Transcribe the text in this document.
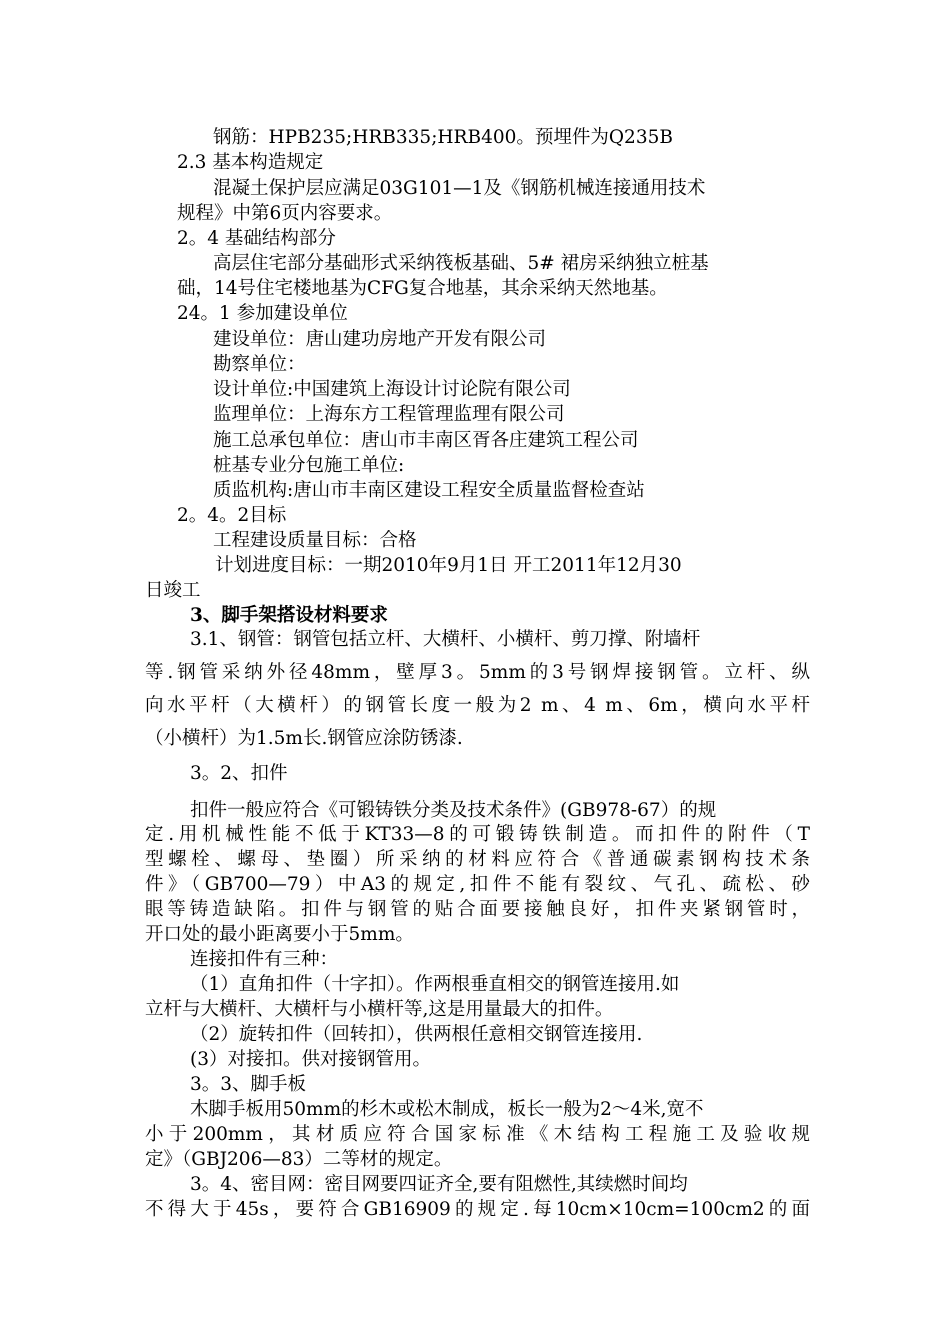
钢筋：HPB235;HRB335;HRB400。预埋件为Q235B
2.3 基本构造规定
混凝土保护层应满足03G101—1及《钢筋机械连接通用技术
规程》中第6页内容要求。
2。4 基础结构部分
高层住宅部分基础形式采纳筏板基础、5# 裙房采纳独立桩基
础，14号住宅楼地基为CFG复合地基，其余采纳天然地基。
24。1 参加建设单位
建设单位：唐山建功房地产开发有限公司
勘察单位：
设计单位:中国建筑上海设计讨论院有限公司
监理单位：上海东方工程管理监理有限公司
施工总承包单位：唐山市丰南区胥各庄建筑工程公司
桩基专业分包施工单位:
质监机构:唐山市丰南区建设工程安全质量监督检查站
2。4。2目标
工程建设质量目标：合格
计划进度目标：一期2010年9月1日 开工2011年12月30
日竣工
3、脚手架搭设材料要求
3.1、钢管：钢管包括立杆、大横杆、小横杆、剪刀撑、附墙杆
等.钢管采纳外径48mm，壁厚3。5mm的3号钢焊接钢管。立杆、纵
向水平杆（大横杆）的钢管长度一般为2 m、4 m、6m，横向水平杆
（小横杆）为1.5m长.钢管应涂防锈漆.
3。2、扣件
扣件一般应符合《可锻铸铁分类及技术条件》(GB978-67）的规
定.用机械性能不低于KT33—8的可锻铸铁制造。而扣件的附件（T
型螺栓、螺母、垫圈）所采纳的材料应符合《普通碳素钢构技术条
件》（GB700—79）中A3的规定,扣件不能有裂纹、气孔、疏松、砂
眼等铸造缺陷。扣件与钢管的贴合面要接触良好，扣件夹紧钢管时，
开口处的最小距离要小于5mm。
连接扣件有三种：
（1）直角扣件（十字扣）。作两根垂直相交的钢管连接用.如
立杆与大横杆、大横杆与小横杆等,这是用量最大的扣件。
（2）旋转扣件（回转扣），供两根任意相交钢管连接用.
(3）对接扣。供对接钢管用。
3。3、脚手板
木脚手板用50mm的杉木或松木制成，板长一般为2～4米,宽不
小于200mm，其材质应符合国家标准《木结构工程施工及验收规
定》（GBJ206—83）二等材的规定。
3。4、密目网：密目网要四证齐全,要有阻燃性,其续燃时间均
不得大于45s，要符合GB16909的规定.每10cm×10cm=100cm2的面
